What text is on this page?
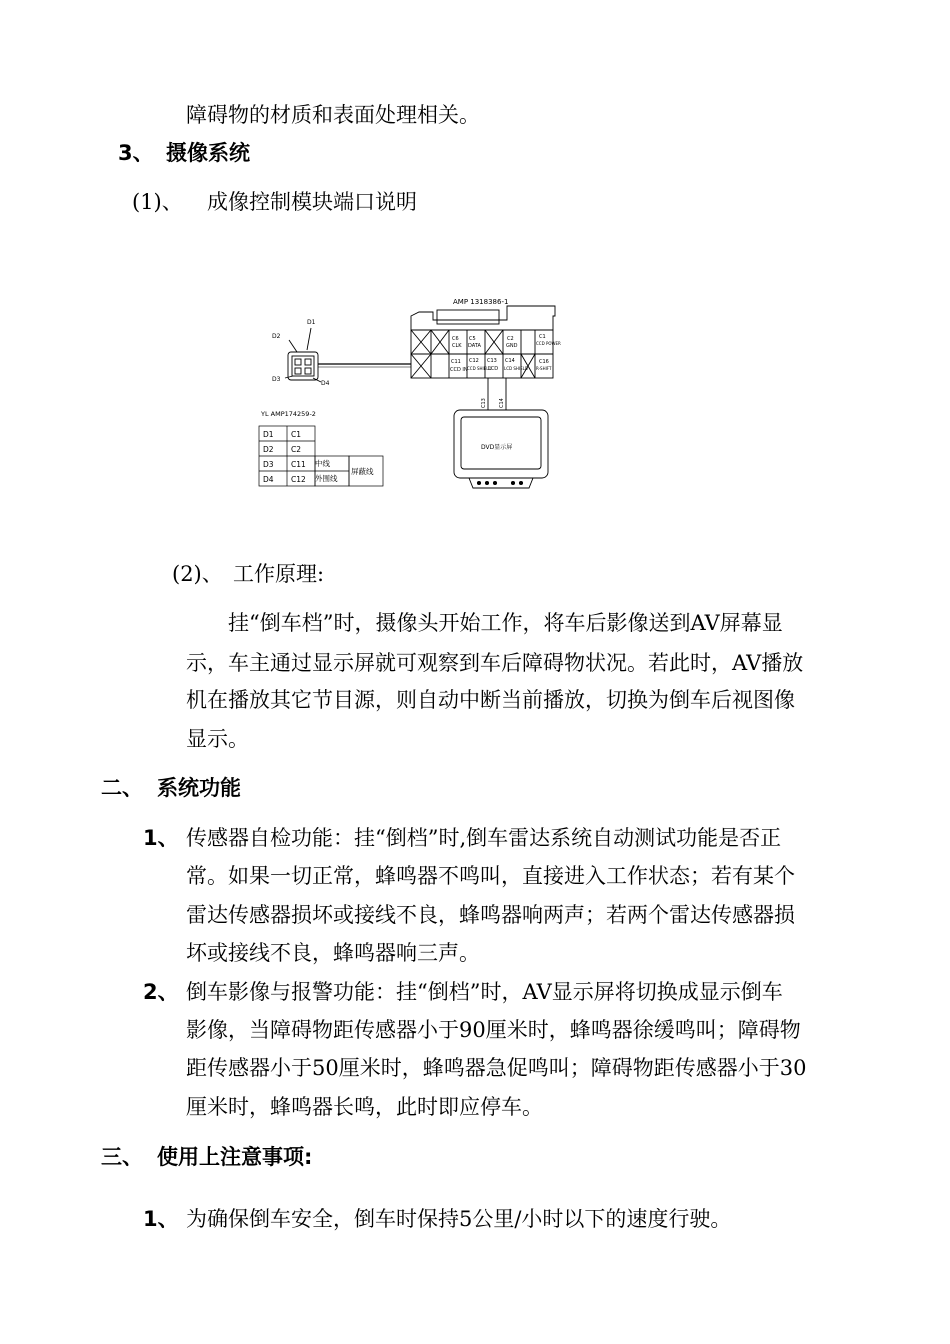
障碍物的材质和表面处理相关。
3、 摄像系统
(1)、 成像控制模块端口说明
AMP 1318386-1
C6
CLK
C5
DATA
C2
GND
C1
CCD POWER
C11
CCD IN
C12
CCD SHIELD
C13
LCD
C14
LCD SHIELD
C16
R-SHIFT
D1
D2
D3
D4
C13 C14
DVD显示屏
YL AMP174259-2
D1 C1
D2 C2
D3 C11 中线
D4 C12 外围线
屏蔽线
(2)、 工作原理:
挂“倒车档”时，摄像头开始工作，将车后影像送到AV屏幕显
示，车主通过显示屏就可观察到车后障碍物状况。若此时，AV播放
机在播放其它节目源，则自动中断当前播放，切换为倒车后视图像
显示。
二、 系统功能
1、 传感器自检功能：挂“倒档”时,倒车雷达系统自动测试功能是否正
常。如果一切正常，蜂鸣器不鸣叫，直接进入工作状态；若有某个
雷达传感器损坏或接线不良，蜂鸣器响两声；若两个雷达传感器损
坏或接线不良，蜂鸣器响三声。
2、 倒车影像与报警功能：挂“倒档”时，AV显示屏将切换成显示倒车
影像，当障碍物距传感器小于90厘米时，蜂鸣器徐缓鸣叫；障碍物
距传感器小于50厘米时，蜂鸣器急促鸣叫；障碍物距传感器小于30
厘米时，蜂鸣器长鸣，此时即应停车。
三、 使用上注意事项:
1、 为确保倒车安全，倒车时保持5公里/小时以下的速度行驶。
